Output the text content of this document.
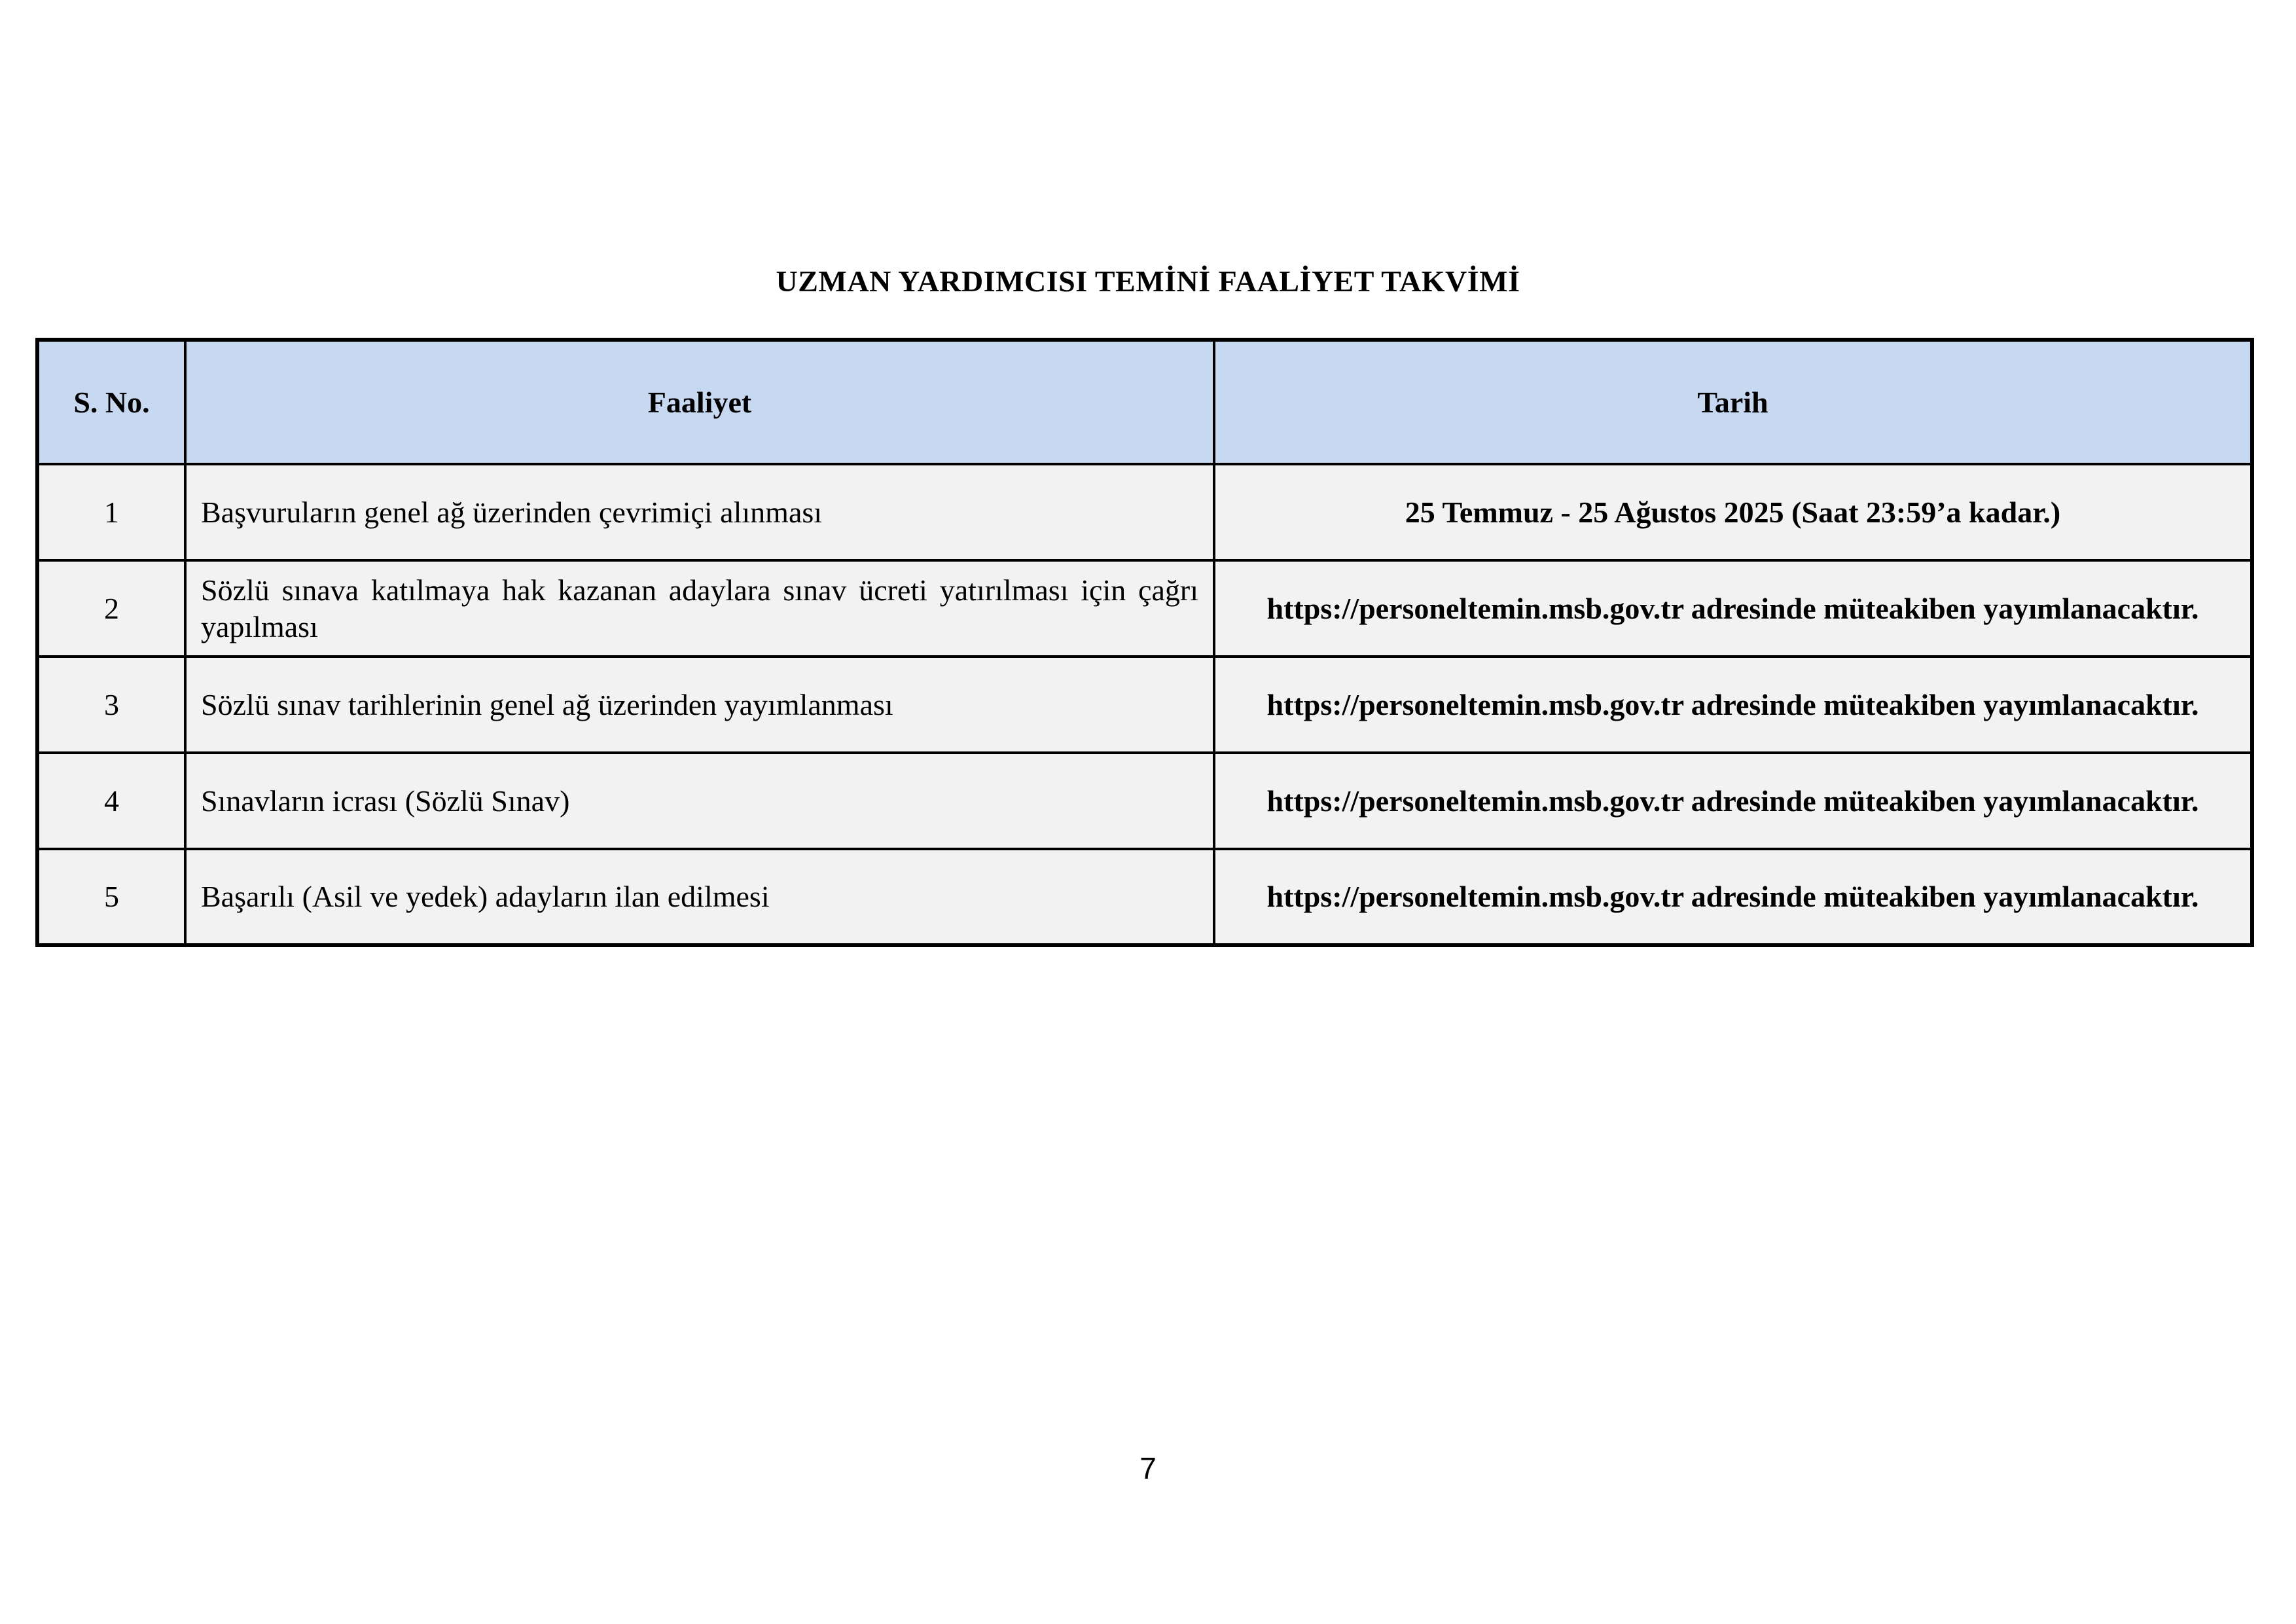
UZMAN YARDIMCISI TEMİNİ FAALİYET TAKVİMİ
S. No.	Faaliyet	Tarih
1	Başvuruların genel ağ üzerinden çevrimiçi alınması	25 Temmuz - 25 Ağustos 2025 (Saat 23:59’a kadar.)
2	Sözlü sınava katılmaya hak kazanan adaylara sınav ücreti yatırılması için çağrı yapılması	https://personeltemin.msb.gov.tr adresinde müteakiben yayımlanacaktır.
3	Sözlü sınav tarihlerinin genel ağ üzerinden yayımlanması	https://personeltemin.msb.gov.tr adresinde müteakiben yayımlanacaktır.
4	Sınavların icrası (Sözlü Sınav)	https://personeltemin.msb.gov.tr adresinde müteakiben yayımlanacaktır.
5	Başarılı (Asil ve yedek) adayların ilan edilmesi	https://personeltemin.msb.gov.tr adresinde müteakiben yayımlanacaktır.
7
